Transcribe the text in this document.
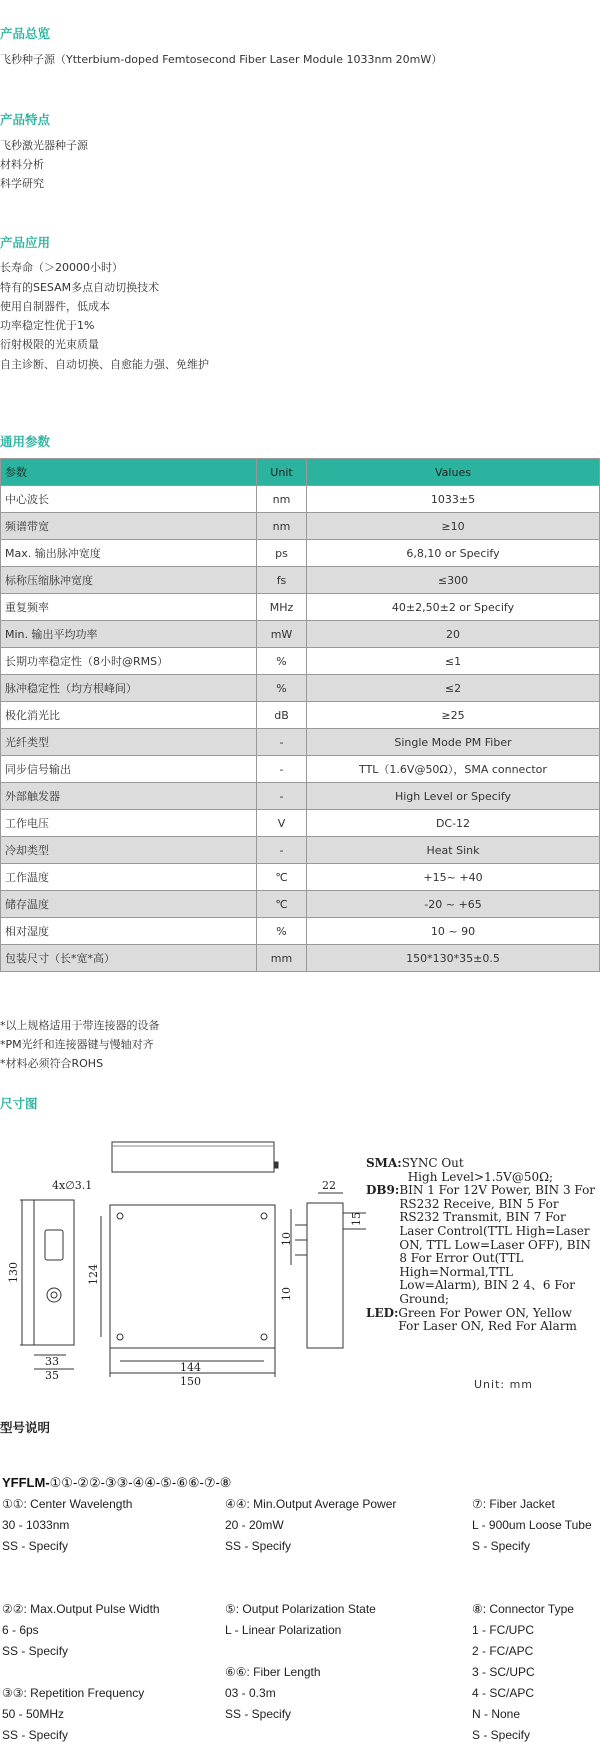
产品总览
飞秒种子源（Ytterbium-doped Femtosecond Fiber Laser Module 1033nm 20mW）
产品特点
飞秒激光器种子源
材料分析
科学研究
产品应用
长寿命（＞20000小时）
特有的SESAM多点自动切换技术
使用自制器件，低成本
功率稳定性优于1%
衍射极限的光束质量
自主诊断、自动切换、自愈能力强、免维护
通用参数
参数	Unit	Values
中心波长	nm	1033±5
频谱带宽	nm	≥10
Max. 输出脉冲宽度	ps	6,8,10 or Specify
标称压缩脉冲宽度	fs	≤300
重复频率	MHz	40±2,50±2 or Specify
Min. 输出平均功率	mW	20
长期功率稳定性（8小时@RMS）	%	≤1
脉冲稳定性（均方根峰间）	%	≤2
极化消光比	dB	≥25
光纤类型	-	Single Mode PM Fiber
同步信号输出	-	TTL（1.6V@50Ω），SMA connector
外部触发器	-	High Level or Specify
工作电压	V	DC-12
冷却类型	-	Heat Sink
工作温度	℃	+15~ +40
储存温度	℃	-20 ~ +65
相对湿度	%	10 ~ 90
包装尺寸（长*宽*高）	mm	150*130*35±0.5
*以上规格适用于带连接器的设备
*PM光纤和连接器键与慢轴对齐
*材料必须符合ROHS
尺寸图
4x∅3.1	22
10
15
10
130	124
33
35
144
150
SMA: SYNC Out
High Level>1.5V@50Ω;
DB9: BIN 1 For 12V Power, BIN 3 For RS232 Receive, BIN 5 For RS232 Transmit, BIN 7 For Laser Control(TTL High=Laser ON, TTL Low=Laser OFF), BIN 8 For Error Out(TTL High=Normal,TTL Low=Alarm), BIN 2 4、6 For Ground;
LED: Green For Power ON, Yellow For Laser ON, Red For Alarm
Unit: mm
型号说明
YFFLM-①①-②②-③③-④④-⑤-⑥⑥-⑦-⑧
①①: Center Wavelength
30 - 1033nm
SS - Specify
②②: Max.Output Pulse Width
6 - 6ps
SS - Specify
③③: Repetition Frequency
50 - 50MHz
SS - Specify
④④: Min.Output Average Power
20 - 20mW
SS - Specify
⑤: Output Polarization State
L - Linear Polarization
⑥⑥: Fiber Length
03 - 0.3m
SS - Specify
⑦: Fiber Jacket
L - 900um Loose Tube
S - Specify
⑧: Connector Type
1 - FC/UPC
2 - FC/APC
3 - SC/UPC
4 - SC/APC
N - None
S - Specify
